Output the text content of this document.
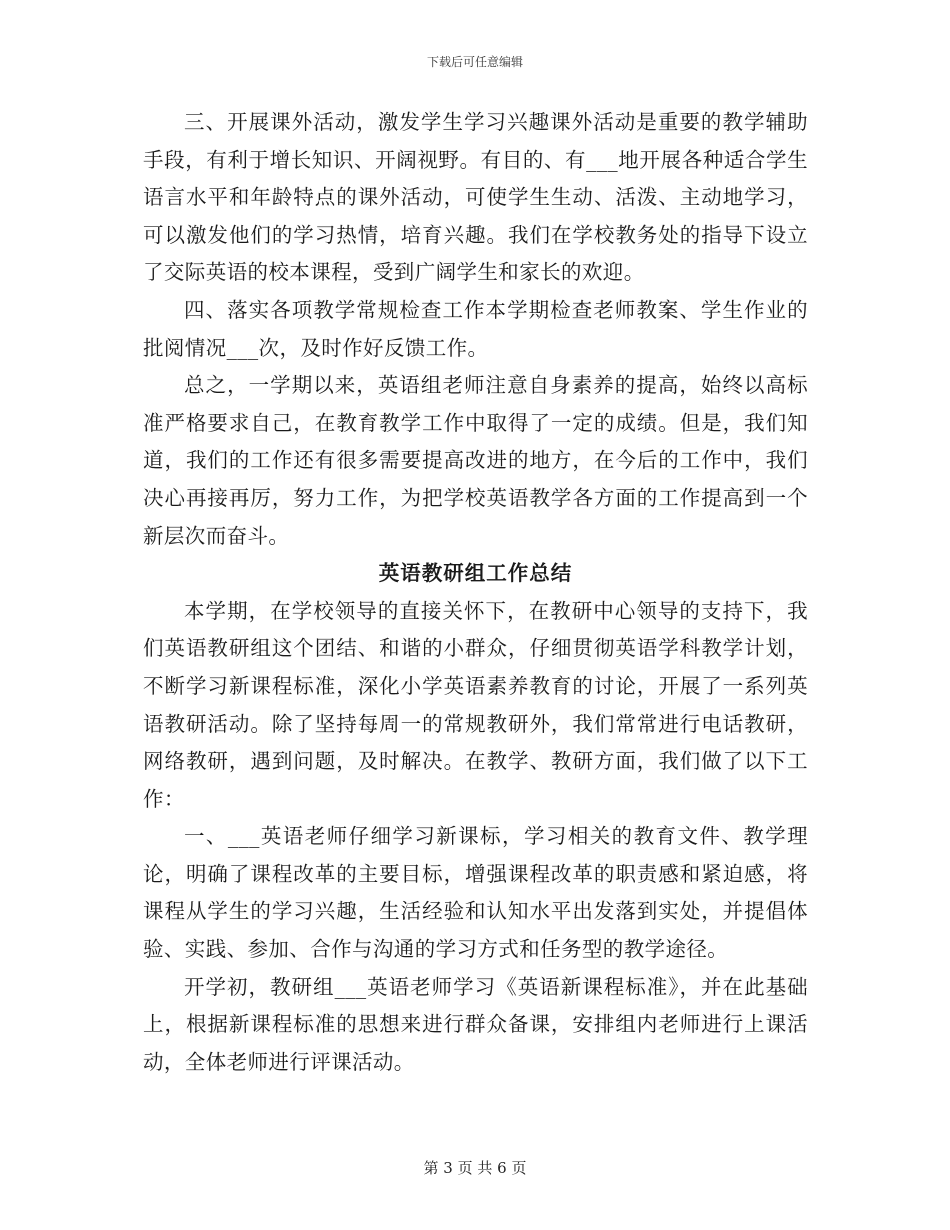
下载后可任意编辑

三、开展课外活动，激发学生学习兴趣课外活动是重要的教学辅助手段，有利于增长知识、开阔视野。有目的、有___地开展各种适合学生语言水平和年龄特点的课外活动，可使学生生动、活泼、主动地学习，可以激发他们的学习热情，培育兴趣。我们在学校教务处的指导下设立了交际英语的校本课程，受到广阔学生和家长的欢迎。

四、落实各项教学常规检查工作本学期检查老师教案、学生作业的批阅情况___次，及时作好反馈工作。

总之，一学期以来，英语组老师注意自身素养的提高，始终以高标准严格要求自己，在教育教学工作中取得了一定的成绩。但是，我们知道，我们的工作还有很多需要提高改进的地方，在今后的工作中，我们决心再接再厉，努力工作，为把学校英语教学各方面的工作提高到一个新层次而奋斗。

英语教研组工作总结

本学期，在学校领导的直接关怀下，在教研中心领导的支持下，我们英语教研组这个团结、和谐的小群众，仔细贯彻英语学科教学计划，不断学习新课程标准，深化小学英语素养教育的讨论，开展了一系列英语教研活动。除了坚持每周一的常规教研外，我们常常进行电话教研，网络教研，遇到问题，及时解决。在教学、教研方面，我们做了以下工作：

一、___英语老师仔细学习新课标，学习相关的教育文件、教学理论，明确了课程改革的主要目标，增强课程改革的职责感和紧迫感，将课程从学生的学习兴趣，生活经验和认知水平出发落到实处，并提倡体验、实践、参加、合作与沟通的学习方式和任务型的教学途径。

开学初，教研组___英语老师学习《英语新课程标准》，并在此基础上，根据新课程标准的思想来进行群众备课，安排组内老师进行上课活动，全体老师进行评课活动。

第 3 页 共 6 页
